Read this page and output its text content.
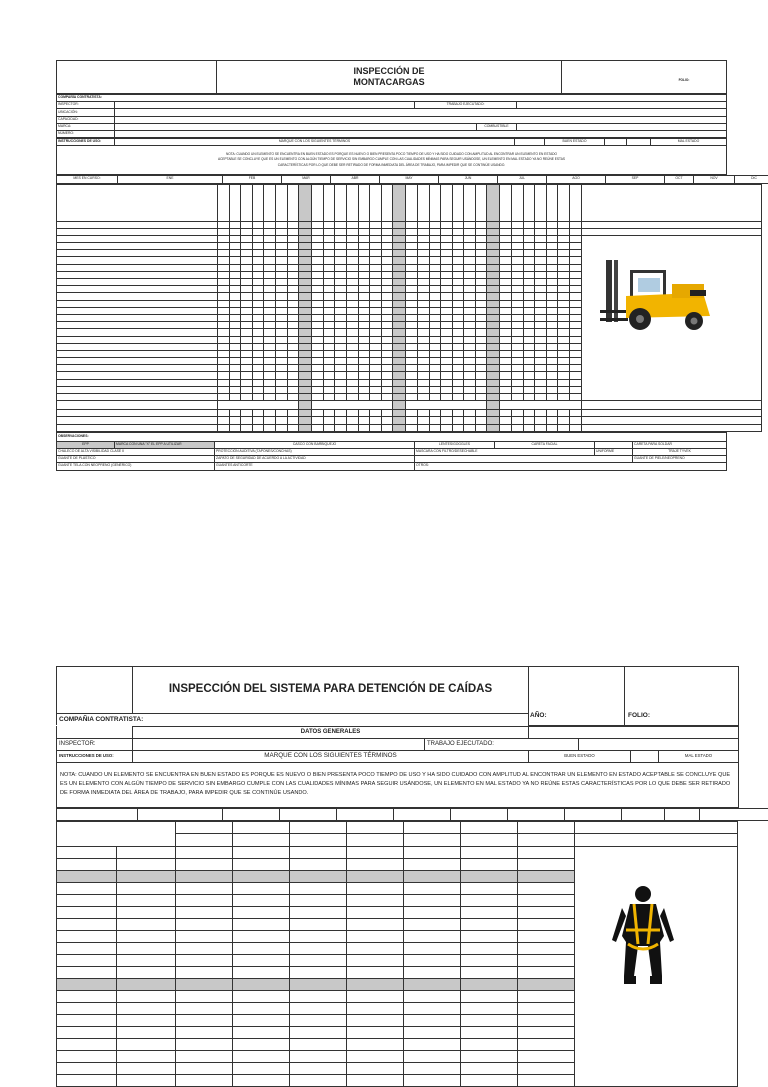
	INSPECCIÓN DE
MONTACARGAS	FOLIO:
COMPAÑÍA CONTRATISTA:				
INSPECTOR:		TRABAJO EJECUTADO:		
UBICACIÓN:				
CAPACIDAD:				
MARCA:			COMBUSTIBLE	
NÚMERO:				
INSTRUCCIONES DE USO:	MARQUE CON LOS SIGUIENTES TÉRMINOS		BUEN ESTADO			MAL ESTADO
NOTA: CUANDO UN ELEMENTO SE ENCUENTRA EN BUEN ESTADO ES PORQUE ES NUEVO O BIEN PRESENTA POCO TIEMPO DE USO Y HA SIDO CUIDADO CON AMPLITUD AL ENCONTRAR UN ELEMENTO EN ESTADO ACEPTABLE SE CONCLUYE QUE ES UN ELEMENTO CON ALGÚN TIEMPO DE SERVICIO SIN EMBARGO CUMPLE CON LAS CUALIDADES MÍNIMAS PARA SEGUIR USÁNDOSE, UN ELEMENTO EN MAL ESTADO YA NO REÚNE ESTAS CARACTERÍSTICAS POR LO QUE DEBE SER RETIRADO DE FORMA INMEDIATA DEL ÁREA DE TRABAJO, PARA IMPEDIR QUE SE CONTINÚE USANDO.
MES EN CURSO:	ENE	FEB	MAR	ABR	MAY	JUN	JUL	AGO	SEP	OCT	NOV	DIC

OBSERVACIONES:						
EPP	MARCA CON UNA "X" EL EPP A UTILIZAR	CASCO CON BARBIQUEJO	LENTES/GOGGLES	CARETA FACIAL		CARETA PARA SOLDAR
CHALECO DE ALTA VISIBILIDAD CLASE II		PROTECCIÓN AUDITIVA (TAPONES/CONCHAS)	MASCARA CON FILTRO/DESECHABLE		UNIFORME	TRAJE TYVEK
GUANTE DE PLÁSTICO		ZAPATO DE SEGURIDAD DE ACUERDO A LA ACTIVIDAD				GUANTE DE PIELE/NEOPRENO
GUANTE TELA CON NEOPRENO (GENÉRICO)		GUANTES ANTICORTE	OTROS:			
	INSPECCIÓN DEL SISTEMA PARA DETENCIÓN DE CAÍDAS		

COMPAÑIA CONTRATISTA:
AÑO:	FOLIO:
	DATOS GENERALES					
INSPECTOR:		TRABAJO EJECUTADO:				
INSTRUCCIONES DE USO:	MARQUE CON LOS SIGUIENTES TÉRMINOS		BUEN ESTADO			MAL ESTADO
NOTA: CUANDO UN ELEMENTO SE ENCUENTRA EN BUEN ESTADO ES PORQUE ES NUEVO O BIEN PRESENTA POCO TIEMPO DE USO Y HA SIDO CUIDADO CON AMPLITUD AL ENCONTRAR UN ELEMENTO EN ESTADO ACEPTABLE SE CONCLUYE QUE ES UN ELEMENTO CON ALGÚN TIEMPO DE SERVICIO SIN EMBARGO CUMPLE CON LAS CUALIDADES MÍNIMAS PARA SEGUIR USÁNDOSE, UN ELEMENTO EN MAL ESTADO YA NO REÚNE ESTAS CARACTERÍSTICAS POR LO QUE DEBE SER RETIRADO DE FORMA INMEDIATA DEL ÁREA DE TRABAJO, PARA IMPEDIR QUE SE CONTINÚE USANDO.						
